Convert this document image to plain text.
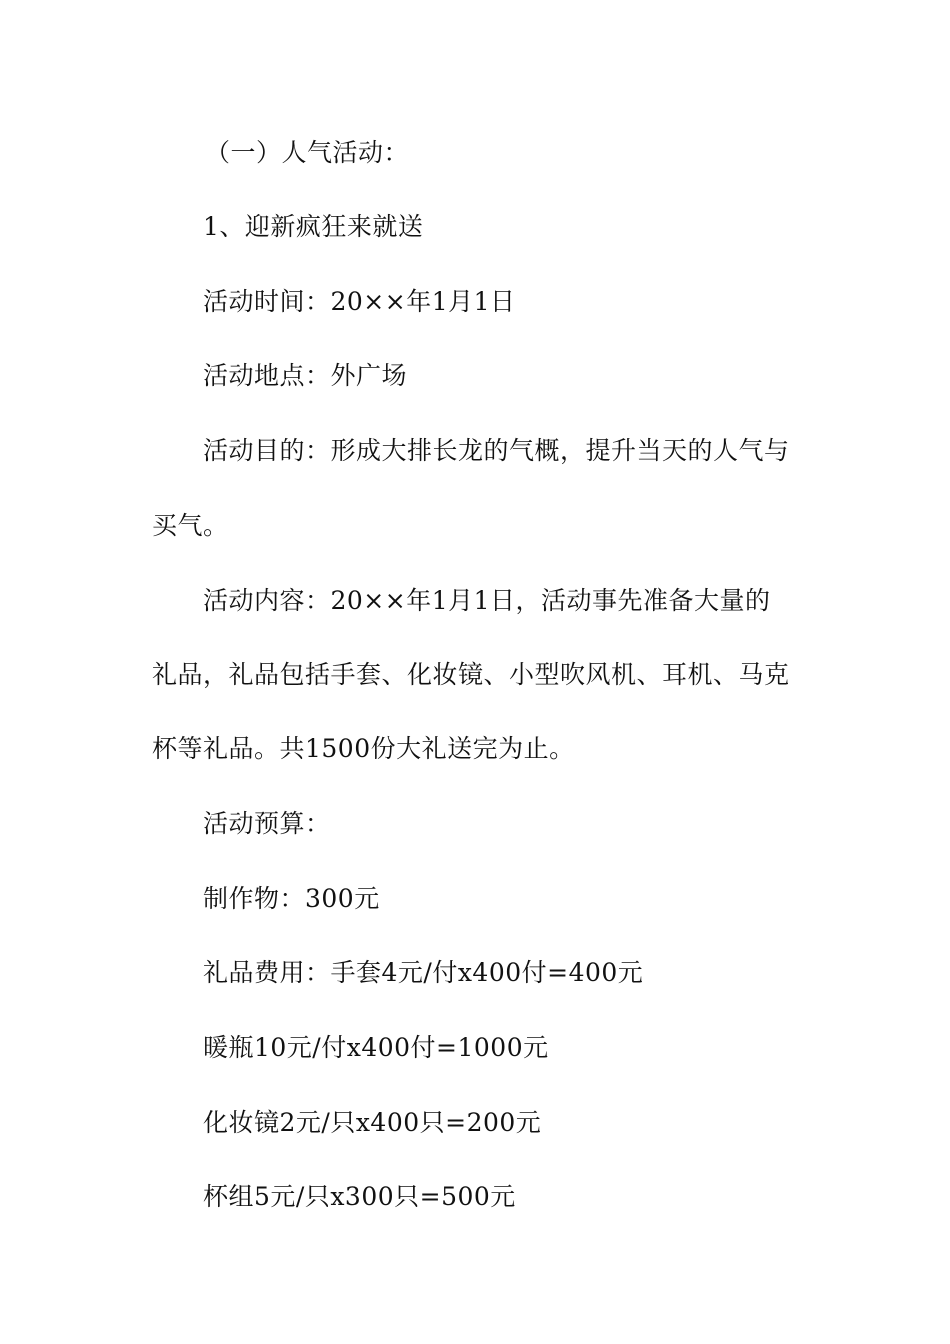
（一）人气活动：
1、迎新疯狂来就送
活动时间：20××年1月1日
活动地点：外广场
活动目的：形成大排长龙的气概，提升当天的人气与
买气。
活动内容：20××年1月1日，活动事先准备大量的
礼品，礼品包括手套、化妆镜、小型吹风机、耳机、马克
杯等礼品。共1500份大礼送完为止。
活动预算：
制作物：300元
礼品费用：手套4元/付x400付=400元
暖瓶10元/付x400付=1000元
化妆镜2元/只x400只=200元
杯组5元/只x300只=500元
